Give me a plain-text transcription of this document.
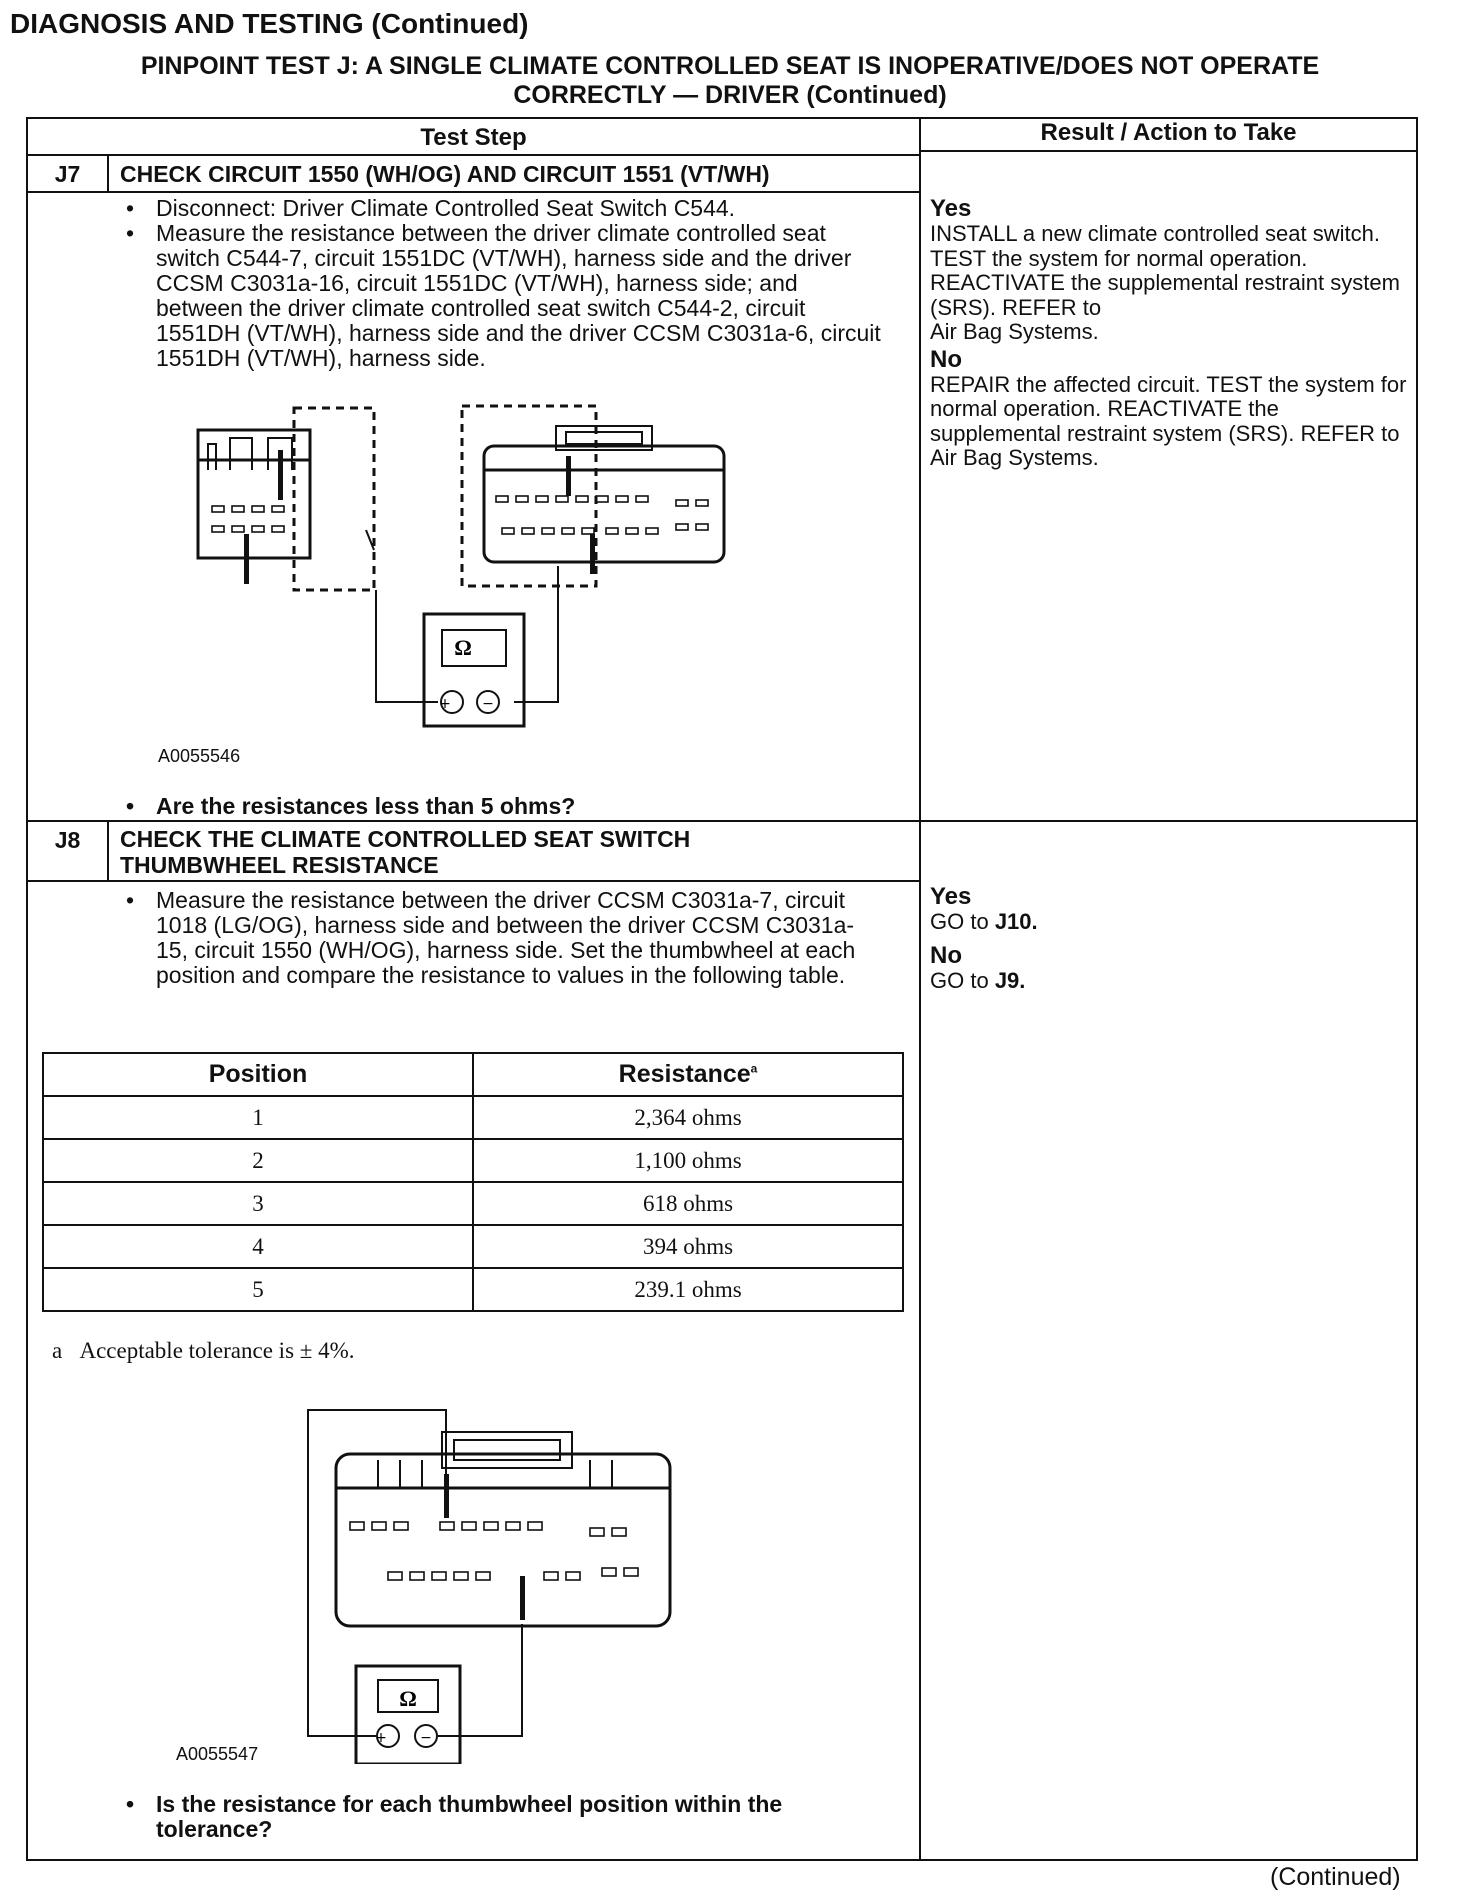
DIAGNOSIS AND TESTING (Continued)
PINPOINT TEST J: A SINGLE CLIMATE CONTROLLED SEAT IS INOPERATIVE/DOES NOT OPERATE
CORRECTLY — DRIVER (Continued)
Test Step	Result / Action to Take
J7	CHECK CIRCUIT 1550 (WH/OG) AND CIRCUIT 1551 (VT/WH)
• Disconnect: Driver Climate Controlled Seat Switch C544.
• Measure the resistance between the driver climate controlled seat switch C544-7, circuit 1551DC (VT/WH), harness side and the driver CCSM C3031a-16, circuit 1551DC (VT/WH), harness side; and between the driver climate controlled seat switch C544-2, circuit 1551DH (VT/WH), harness side and the driver CCSM C3031a-6, circuit 1551DH (VT/WH), harness side.
Ω
+ −
A0055546
• Are the resistances less than 5 ohms?
Yes
INSTALL a new climate controlled seat switch. TEST the system for normal operation. REACTIVATE the supplemental restraint system (SRS). REFER to
Air Bag Systems.
No
REPAIR the affected circuit. TEST the system for normal operation. REACTIVATE the supplemental restraint system (SRS). REFER to Air Bag Systems.
J8	CHECK THE CLIMATE CONTROLLED SEAT SWITCH
THUMBWHEEL RESISTANCE
• Measure the resistance between the driver CCSM C3031a-7, circuit 1018 (LG/OG), harness side and between the driver CCSM C3031a-15, circuit 1550 (WH/OG), harness side. Set the thumbwheel at each position and compare the resistance to values in the following table.
Position	Resistance$^a$
1	2,364 ohms
2	1,100 ohms
3	618 ohms
4	394 ohms
5	239.1 ohms
a Acceptable tolerance is ± 4%.
Ω
+ −
A0055547
• Is the resistance for each thumbwheel position within the tolerance?
Yes
GO to J10.
No
GO to J9.
(Continued)
